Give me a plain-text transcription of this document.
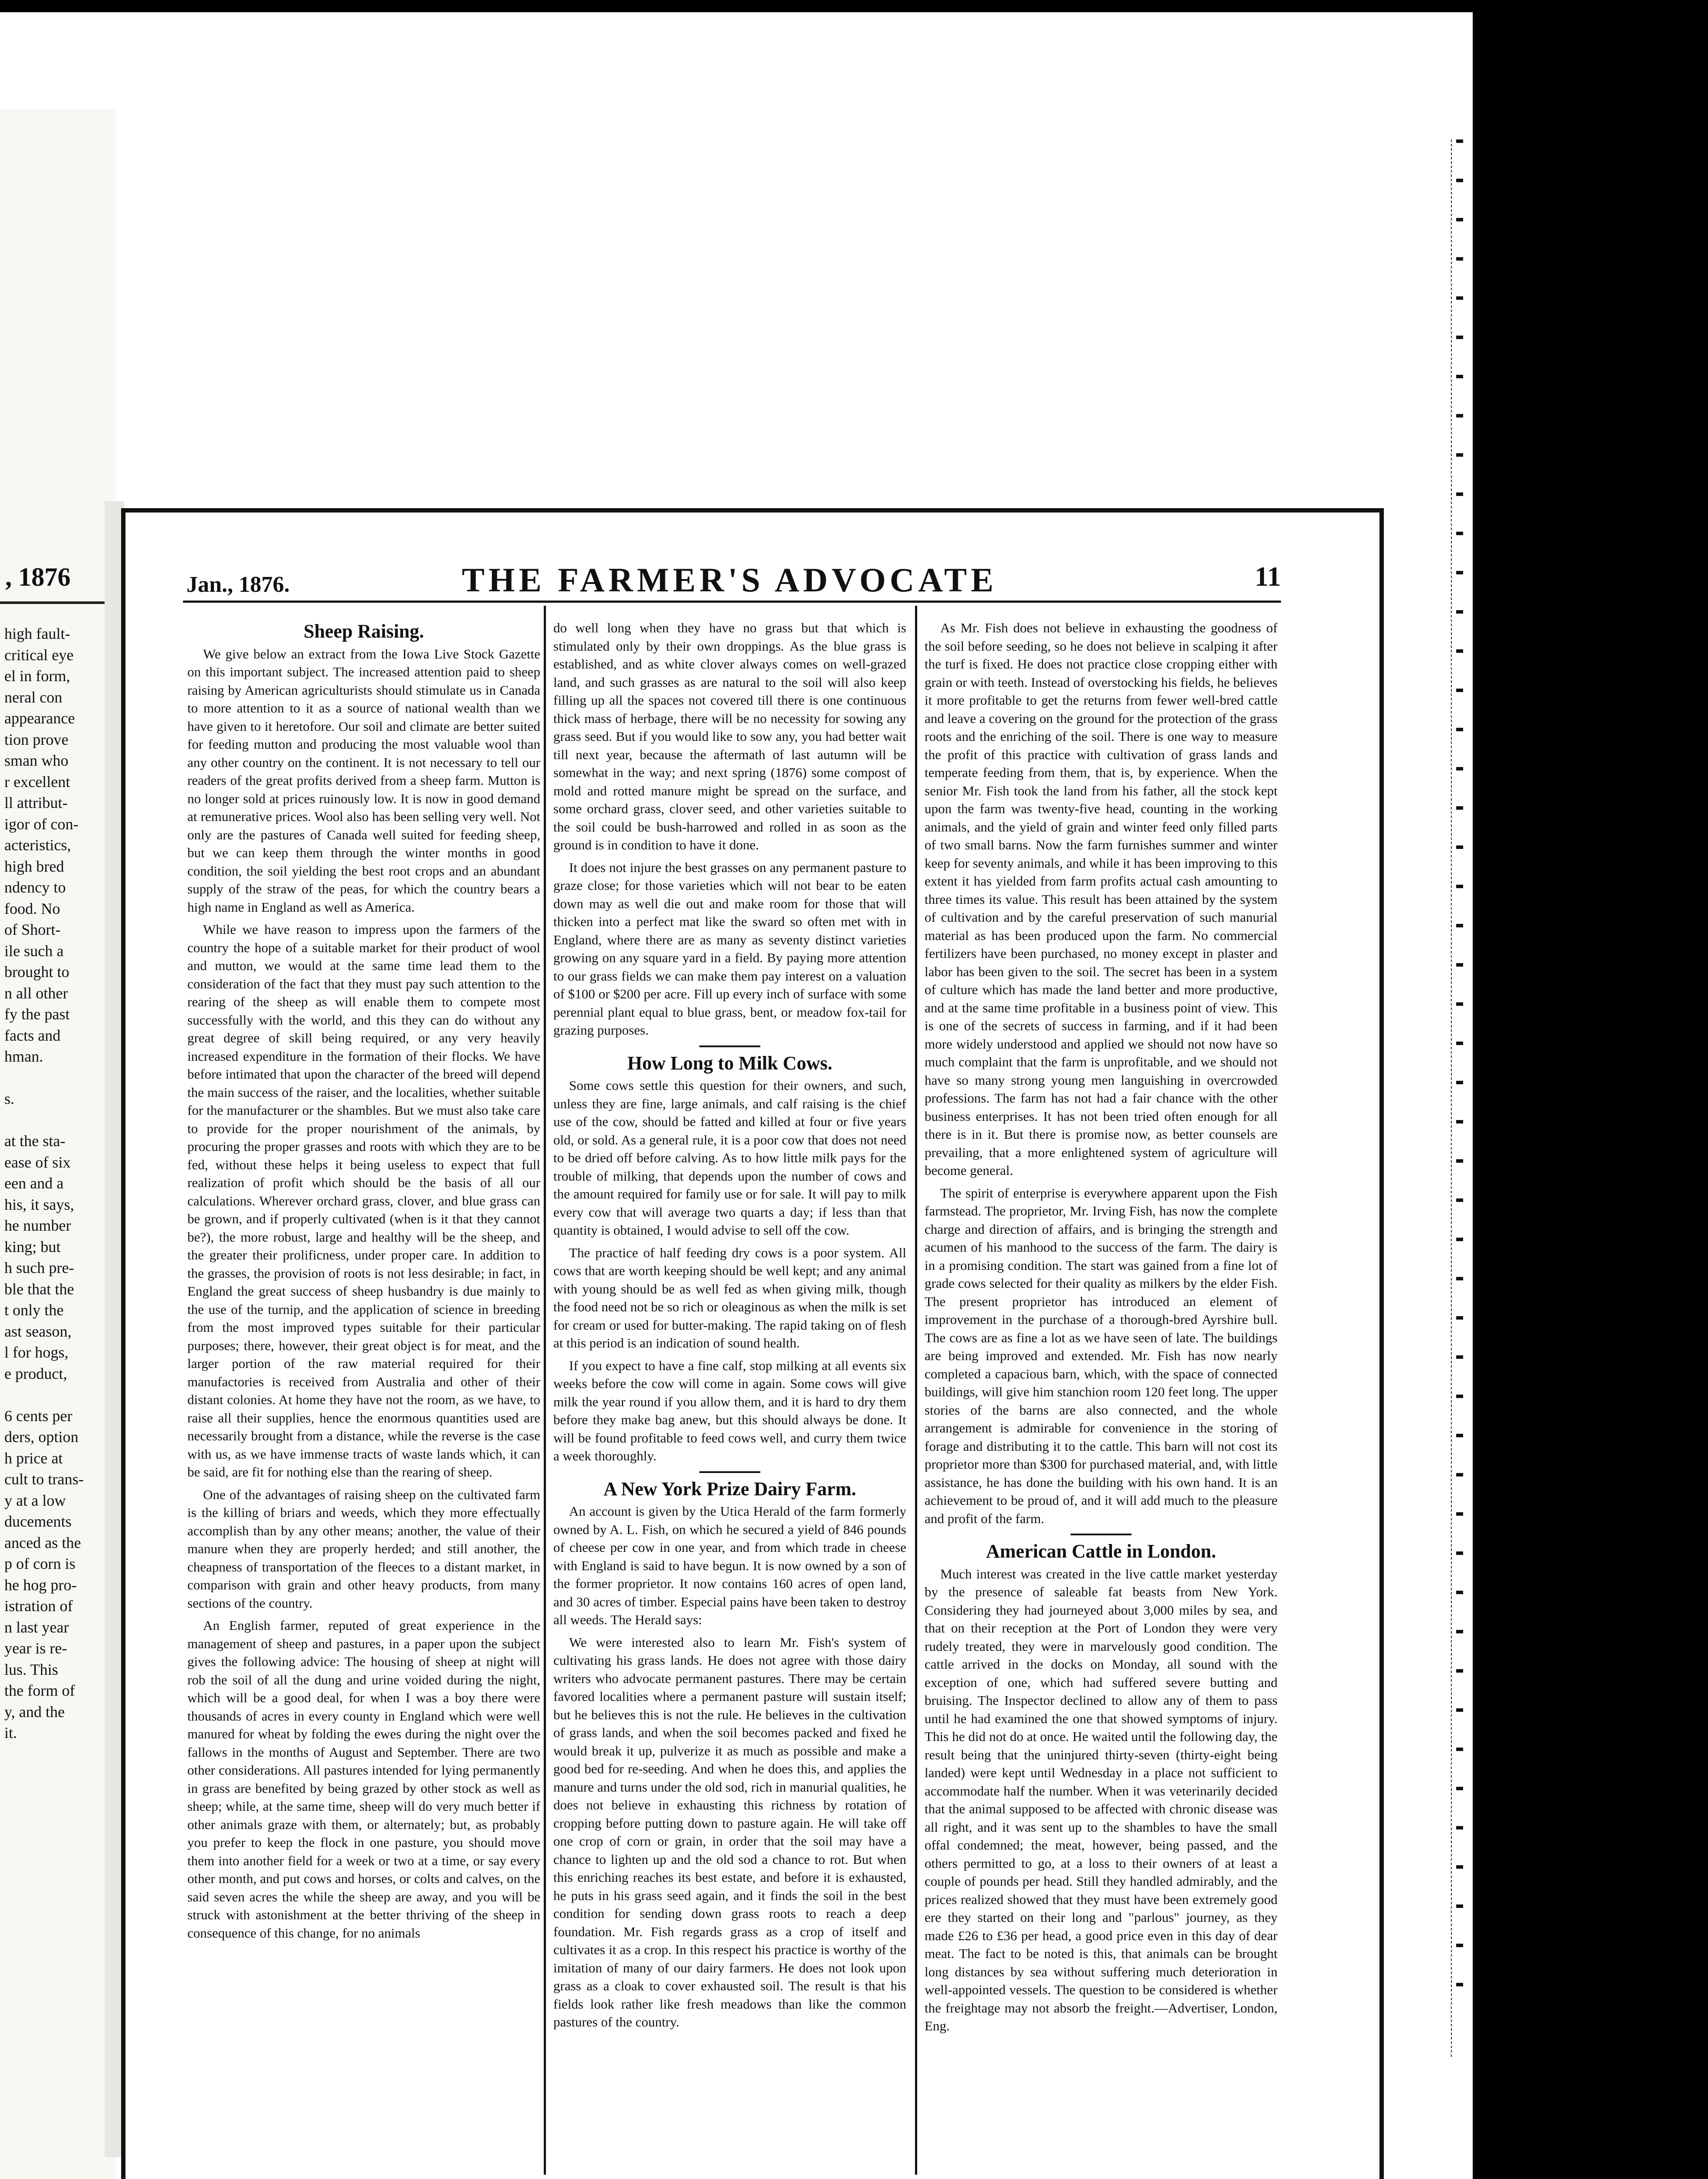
, 1876
high fault-
critical eye
el in form,
neral con
appearance
tion prove
sman who
r excellent
ll attribut-
igor of con-
acteristics,
high bred
ndency to
food. No
of Short-
ile such a
brought to
n all other
fy the past
facts and
hman.

s.

at the sta-
ease of six
een and a
his, it says,
he number
king; but
h such pre-
ble that the
t only the
ast season,
l for hogs,
e product,

6 cents per
ders, option
h price at
cult to trans-
y at a low
ducements
anced as the
p of corn is
he hog pro-
istration of
n last year
year is re-
lus. This
the form of
y, and the
it.
Jan., 1876.	THE FARMER'S ADVOCATE	11
Sheep Raising.

We give below an extract from the Iowa Live Stock Gazette on this important subject. The increased attention paid to sheep raising by American agriculturists should stimulate us in Canada to more attention to it as a source of national wealth than we have given to it heretofore. Our soil and climate are better suited for feeding mutton and producing the most valuable wool than any other country on the continent. It is not necessary to tell our readers of the great profits derived from a sheep farm. Mutton is no longer sold at prices ruinously low. It is now in good demand at remunerative prices. Wool also has been selling very well. Not only are the pastures of Canada well suited for feeding sheep, but we can keep them through the winter months in good condition, the soil yielding the best root crops and an abundant supply of the straw of the peas, for which the country bears a high name in England as well as America.

While we have reason to impress upon the farmers of the country the hope of a suitable market for their product of wool and mutton, we would at the same time lead them to the consideration of the fact that they must pay such attention to the rearing of the sheep as will enable them to compete most successfully with the world, and this they can do without any great degree of skill being required, or any very heavily increased expenditure in the formation of their flocks. We have before intimated that upon the character of the breed will depend the main success of the raiser, and the localities, whether suitable for the manufacturer or the shambles. But we must also take care to provide for the proper nourishment of the animals, by procuring the proper grasses and roots with which they are to be fed, without these helps it being useless to expect that full realization of profit which should be the basis of all our calculations. Wherever orchard grass, clover, and blue grass can be grown, and if properly cultivated (when is it that they cannot be?), the more robust, large and healthy will be the sheep, and the greater their prolificness, under proper care. In addition to the grasses, the provision of roots is not less desirable; in fact, in England the great success of sheep husbandry is due mainly to the use of the turnip, and the application of science in breeding from the most improved types suitable for their particular purposes; there, however, their great object is for meat, and the larger portion of the raw material required for their manufactories is received from Australia and other of their distant colonies. At home they have not the room, as we have, to raise all their supplies, hence the enormous quantities used are necessarily brought from a distance, while the reverse is the case with us, as we have immense tracts of waste lands which, it can be said, are fit for nothing else than the rearing of sheep.

One of the advantages of raising sheep on the cultivated farm is the killing of briars and weeds, which they more effectually accomplish than by any other means; another, the value of their manure when they are properly herded; and still another, the cheapness of transportation of the fleeces to a distant market, in comparison with grain and other heavy products, from many sections of the country.

An English farmer, reputed of great experience in the management of sheep and pastures, in a paper upon the subject gives the following advice: The housing of sheep at night will rob the soil of all the dung and urine voided during the night, which will be a good deal, for when I was a boy there were thousands of acres in every county in England which were well manured for wheat by folding the ewes during the night over the fallows in the months of August and September. There are two other considerations. All pastures intended for lying permanently in grass are benefited by being grazed by other stock as well as sheep; while, at the same time, sheep will do very much better if other animals graze with them, or alternately; but, as probably you prefer to keep the flock in one pasture, you should move them into another field for a week or two at a time, or say every other month, and put cows and horses, or colts and calves, on the said seven acres the while the sheep are away, and you will be struck with astonishment at the better thriving of the sheep in consequence of this change, for no animals

do well long when they have no grass but that which is stimulated only by their own droppings. As the blue grass is established, and as white clover always comes on well-grazed land, and such grasses as are natural to the soil will also keep filling up all the spaces not covered till there is one continuous thick mass of herbage, there will be no necessity for sowing any grass seed. But if you would like to sow any, you had better wait till next year, because the aftermath of last autumn will be somewhat in the way; and next spring (1876) some compost of mold and rotted manure might be spread on the surface, and some orchard grass, clover seed, and other varieties suitable to the soil could be bush-harrowed and rolled in as soon as the ground is in condition to have it done.

It does not injure the best grasses on any permanent pasture to graze close; for those varieties which will not bear to be eaten down may as well die out and make room for those that will thicken into a perfect mat like the sward so often met with in England, where there are as many as seventy distinct varieties growing on any square yard in a field. By paying more attention to our grass fields we can make them pay interest on a valuation of $100 or $200 per acre. Fill up every inch of surface with some perennial plant equal to blue grass, bent, or meadow fox-tail for grazing purposes.

How Long to Milk Cows.

Some cows settle this question for their owners, and such, unless they are fine, large animals, and calf raising is the chief use of the cow, should be fatted and killed at four or five years old, or sold. As a general rule, it is a poor cow that does not need to be dried off before calving. As to how little milk pays for the trouble of milking, that depends upon the number of cows and the amount required for family use or for sale. It will pay to milk every cow that will average two quarts a day; if less than that quantity is obtained, I would advise to sell off the cow.

The practice of half feeding dry cows is a poor system. All cows that are worth keeping should be well kept; and any animal with young should be as well fed as when giving milk, though the food need not be so rich or oleaginous as when the milk is set for cream or used for butter-making. The rapid taking on of flesh at this period is an indication of sound health.

If you expect to have a fine calf, stop milking at all events six weeks before the cow will come in again. Some cows will give milk the year round if you allow them, and it is hard to dry them before they make bag anew, but this should always be done. It will be found profitable to feed cows well, and curry them twice a week thoroughly.

A New York Prize Dairy Farm.

An account is given by the Utica Herald of the farm formerly owned by A. L. Fish, on which he secured a yield of 846 pounds of cheese per cow in one year, and from which trade in cheese with England is said to have begun. It is now owned by a son of the former proprietor. It now contains 160 acres of open land, and 30 acres of timber. Especial pains have been taken to destroy all weeds. The Herald says:

We were interested also to learn Mr. Fish's system of cultivating his grass lands. He does not agree with those dairy writers who advocate permanent pastures. There may be certain favored localities where a permanent pasture will sustain itself; but he believes this is not the rule. He believes in the cultivation of grass lands, and when the soil becomes packed and fixed he would break it up, pulverize it as much as possible and make a good bed for re-seeding. And when he does this, and applies the manure and turns under the old sod, rich in manurial qualities, he does not believe in exhausting this richness by rotation of cropping before putting down to pasture again. He will take off one crop of corn or grain, in order that the soil may have a chance to lighten up and the old sod a chance to rot. But when this enriching reaches its best estate, and before it is exhausted, he puts in his grass seed again, and it finds the soil in the best condition for sending down grass roots to reach a deep foundation. Mr. Fish regards grass as a crop of itself and cultivates it as a crop. In this respect his practice is worthy of the imitation of many of our dairy farmers. He does not look upon grass as a cloak to cover exhausted soil. The result is that his fields look rather like fresh meadows than like the common pastures of the country.

As Mr. Fish does not believe in exhausting the goodness of the soil before seeding, so he does not believe in scalping it after the turf is fixed. He does not practice close cropping either with grain or with teeth. Instead of overstocking his fields, he believes it more profitable to get the returns from fewer well-bred cattle and leave a covering on the ground for the protection of the grass roots and the enriching of the soil. There is one way to measure the profit of this practice with cultivation of grass lands and temperate feeding from them, that is, by experience. When the senior Mr. Fish took the land from his father, all the stock kept upon the farm was twenty-five head, counting in the working animals, and the yield of grain and winter feed only filled parts of two small barns. Now the farm furnishes summer and winter keep for seventy animals, and while it has been improving to this extent it has yielded from farm profits actual cash amounting to three times its value. This result has been attained by the system of cultivation and by the careful preservation of such manurial material as has been produced upon the farm. No commercial fertilizers have been purchased, no money except in plaster and labor has been given to the soil. The secret has been in a system of culture which has made the land better and more productive, and at the same time profitable in a business point of view. This is one of the secrets of success in farming, and if it had been more widely understood and applied we should not now have so much complaint that the farm is unprofitable, and we should not have so many strong young men languishing in overcrowded professions. The farm has not had a fair chance with the other business enterprises. It has not been tried often enough for all there is in it. But there is promise now, as better counsels are prevailing, that a more enlightened system of agriculture will become general.

The spirit of enterprise is everywhere apparent upon the Fish farmstead. The proprietor, Mr. Irving Fish, has now the complete charge and direction of affairs, and is bringing the strength and acumen of his manhood to the success of the farm. The dairy is in a promising condition. The start was gained from a fine lot of grade cows selected for their quality as milkers by the elder Fish. The present proprietor has introduced an element of improvement in the purchase of a thorough-bred Ayrshire bull. The cows are as fine a lot as we have seen of late. The buildings are being improved and extended. Mr. Fish has now nearly completed a capacious barn, which, with the space of connected buildings, will give him stanchion room 120 feet long. The upper stories of the barns are also connected, and the whole arrangement is admirable for convenience in the storing of forage and distributing it to the cattle. This barn will not cost its proprietor more than $300 for purchased material, and, with little assistance, he has done the building with his own hand. It is an achievement to be proud of, and it will add much to the pleasure and profit of the farm.

American Cattle in London.

Much interest was created in the live cattle market yesterday by the presence of saleable fat beasts from New York. Considering they had journeyed about 3,000 miles by sea, and that on their reception at the Port of London they were very rudely treated, they were in marvelously good condition. The cattle arrived in the docks on Monday, all sound with the exception of one, which had suffered severe butting and bruising. The Inspector declined to allow any of them to pass until he had examined the one that showed symptoms of injury. This he did not do at once. He waited until the following day, the result being that the uninjured thirty-seven (thirty-eight being landed) were kept until Wednesday in a place not sufficient to accommodate half the number. When it was veterinarily decided that the animal supposed to be affected with chronic disease was all right, and it was sent up to the shambles to have the small offal condemned; the meat, however, being passed, and the others permitted to go, at a loss to their owners of at least a couple of pounds per head. Still they handled admirably, and the prices realized showed that they must have been extremely good ere they started on their long and "parlous" journey, as they made £26 to £36 per head, a good price even in this day of dear meat. The fact to be noted is this, that animals can be brought long distances by sea without suffering much deterioration in well-appointed vessels. The question to be considered is whether the freightage may not absorb the freight.—Advertiser, London, Eng.
